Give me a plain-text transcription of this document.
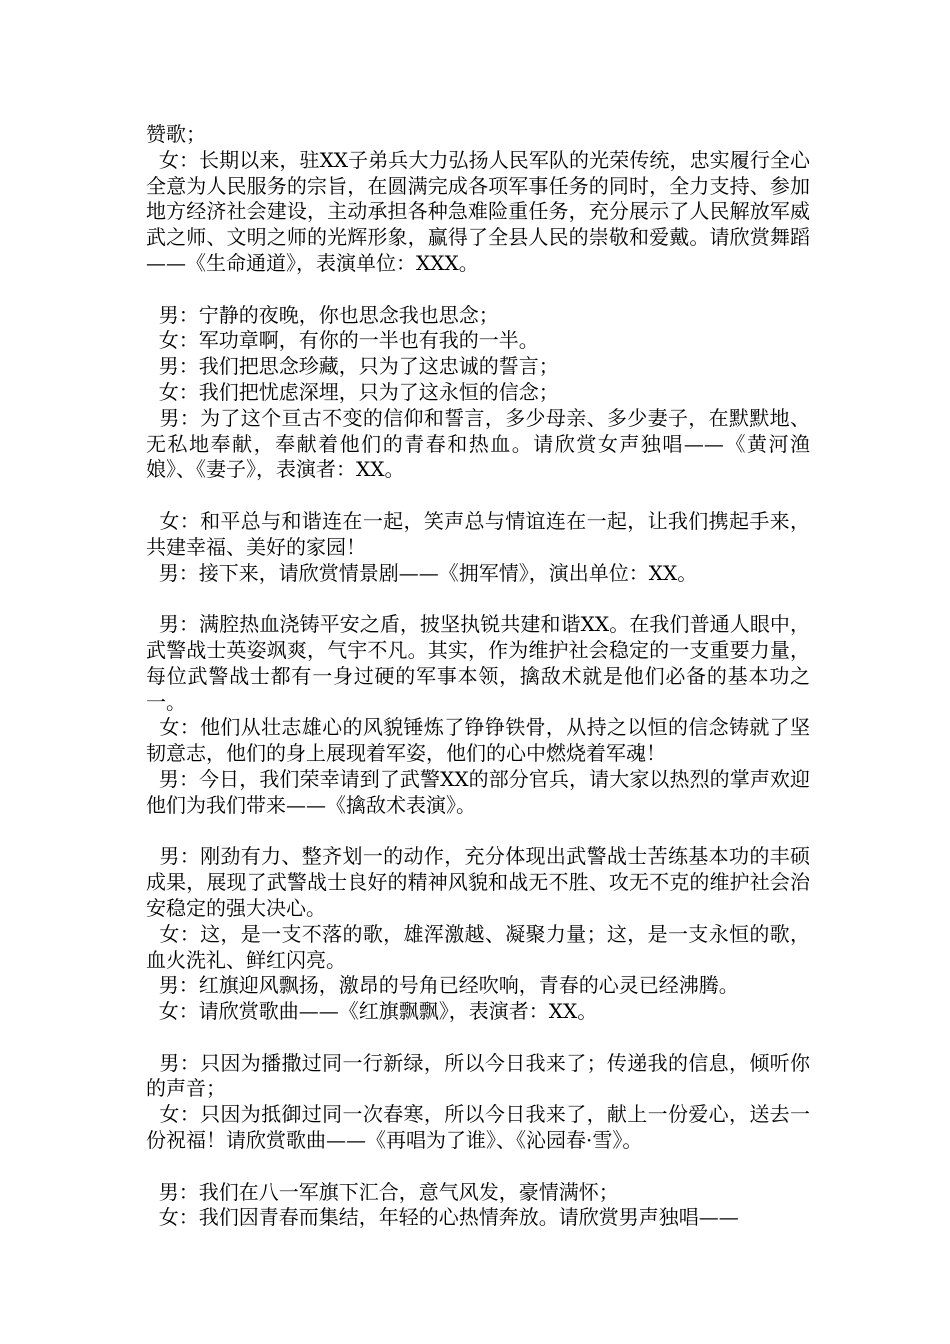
赞歌；

女：长期以来，驻XX子弟兵大力弘扬人民军队的光荣传统，忠实履行全心全意为人民服务的宗旨，在圆满完成各项军事任务的同时，全力支持、参加地方经济社会建设，主动承担各种急难险重任务，充分展示了人民解放军威武之师、文明之师的光辉形象，赢得了全县人民的崇敬和爱戴。请欣赏舞蹈——《生命通道》，表演单位：XXX。

男：宁静的夜晚，你也思念我也思念；

女：军功章啊，有你的一半也有我的一半。

男：我们把思念珍藏，只为了这忠诚的誓言；

女：我们把忧虑深埋，只为了这永恒的信念；

男：为了这个亘古不变的信仰和誓言，多少母亲、多少妻子，在默默地、无私地奉献，奉献着他们的青春和热血。请欣赏女声独唱——《黄河渔娘》、《妻子》，表演者：XX。

女：和平总与和谐连在一起，笑声总与情谊连在一起，让我们携起手来，共建幸福、美好的家园！

男：接下来，请欣赏情景剧——《拥军情》，演出单位：XX。

男：满腔热血浇铸平安之盾，披坚执锐共建和谐XX。在我们普通人眼中，武警战士英姿飒爽，气宇不凡。其实，作为维护社会稳定的一支重要力量，每位武警战士都有一身过硬的军事本领，擒敌术就是他们必备的基本功之一。

女：他们从壮志雄心的风貌锤炼了铮铮铁骨，从持之以恒的信念铸就了坚韧意志，他们的身上展现着军姿，他们的心中燃烧着军魂！

男：今日，我们荣幸请到了武警XX的部分官兵，请大家以热烈的掌声欢迎他们为我们带来——《擒敌术表演》。

男：刚劲有力、整齐划一的动作，充分体现出武警战士苦练基本功的丰硕成果，展现了武警战士良好的精神风貌和战无不胜、攻无不克的维护社会治安稳定的强大决心。

女：这，是一支不落的歌，雄浑激越、凝聚力量；这，是一支永恒的歌，血火洗礼、鲜红闪亮。

男：红旗迎风飘扬，激昂的号角已经吹响，青春的心灵已经沸腾。

女：请欣赏歌曲——《红旗飘飘》，表演者：XX。

男：只因为播撒过同一行新绿，所以今日我来了；传递我的信息，倾听你的声音；

女：只因为抵御过同一次春寒，所以今日我来了，献上一份爱心，送去一份祝福！请欣赏歌曲——《再唱为了谁》、《沁园春·雪》。

男：我们在八一军旗下汇合，意气风发，豪情满怀；

女：我们因青春而集结，年轻的心热情奔放。请欣赏男声独唱——
